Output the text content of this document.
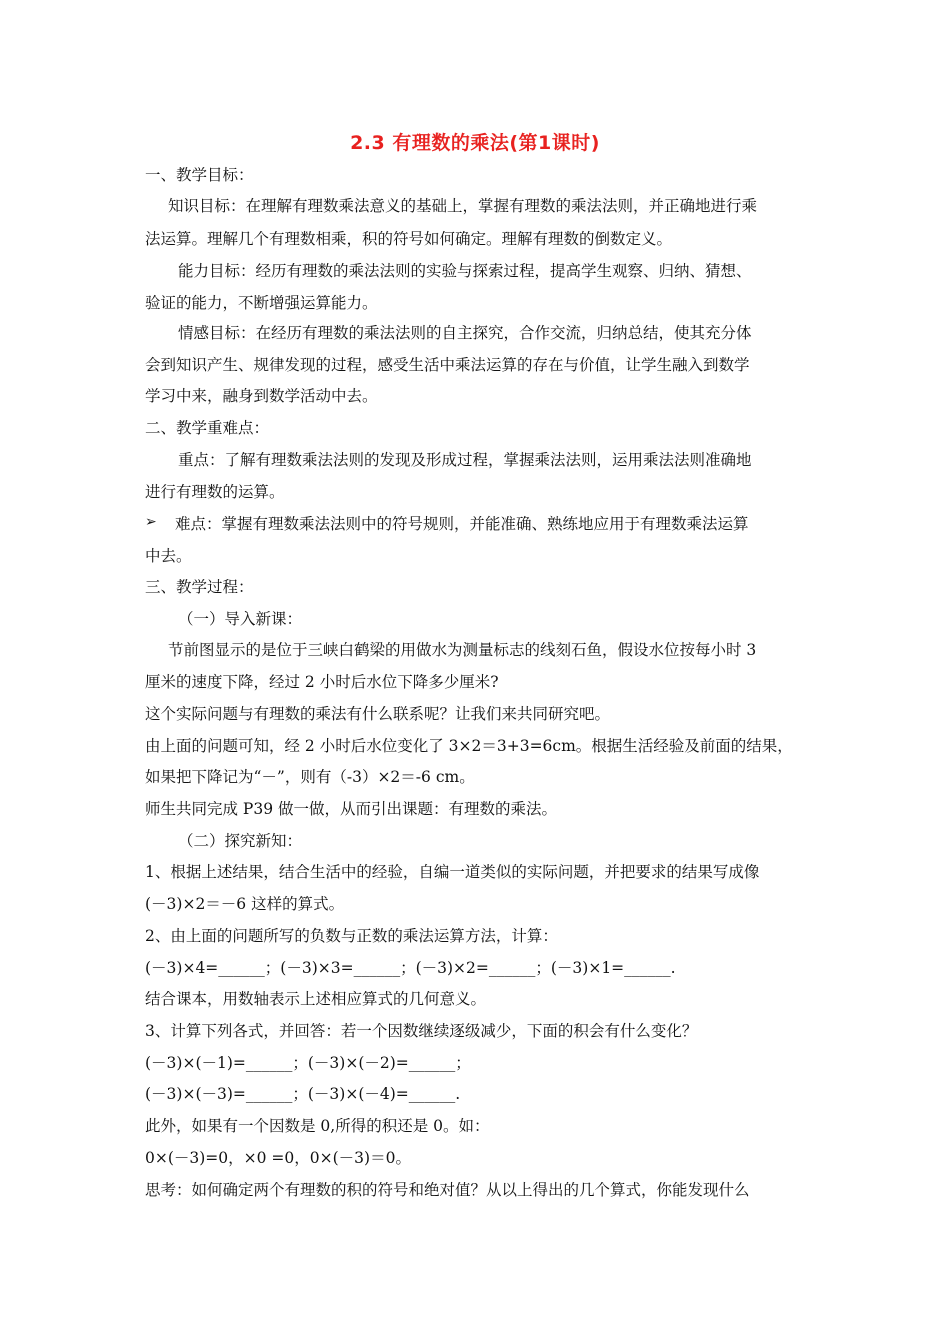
2.3 有理数的乘法(第1课时)
一、教学目标：
知识目标：在理解有理数乘法意义的基础上，掌握有理数的乘法法则，并正确地进行乘
法运算。理解几个有理数相乘，积的符号如何确定。理解有理数的倒数定义。
能力目标：经历有理数的乘法法则的实验与探索过程，提高学生观察、归纳、猜想、
验证的能力，不断增强运算能力。
情感目标：在经历有理数的乘法法则的自主探究，合作交流，归纳总结，使其充分体
会到知识产生、规律发现的过程，感受生活中乘法运算的存在与价值，让学生融入到数学
学习中来，融身到数学活动中去。
二、教学重难点：
重点：了解有理数乘法法则的发现及形成过程，掌握乘法法则，运用乘法法则准确地
进行有理数的运算。
➢ 难点：掌握有理数乘法法则中的符号规则，并能准确、熟练地应用于有理数乘法运算
中去。
三、教学过程：
（一）导入新课：
节前图显示的是位于三峡白鹤梁的用做水为测量标志的线刻石鱼，假设水位按每小时 3
厘米的速度下降，经过 2 小时后水位下降多少厘米?
这个实际问题与有理数的乘法有什么联系呢？让我们来共同研究吧。
由上面的问题可知，经 2 小时后水位变化了 3×2＝3+3=6cm。根据生活经验及前面的结果，
如果把下降记为“－”，则有（-3）×2＝-6 cm。
师生共同完成 P39 做一做，从而引出课题：有理数的乘法。
（二）探究新知：
1、根据上述结果，结合生活中的经验，自编一道类似的实际问题，并把要求的结果写成像
(－3)×2＝－6 这样的算式。
2、由上面的问题所写的负数与正数的乘法运算方法，计算：
(－3)×4=______；(－3)×3=______；(－3)×2=______；(－3)×1=______.
结合课本，用数轴表示上述相应算式的几何意义。
3、计算下列各式，并回答：若一个因数继续逐级减少，下面的积会有什么变化？
(－3)×(－1)=______；(－3)×(－2)=______；
(－3)×(－3)=______；(－3)×(－4)=______.
此外，如果有一个因数是 0,所得的积还是 0。如：
0×(－3)=0，×0 =0，0×(－3)＝0。
思考：如何确定两个有理数的积的符号和绝对值？从以上得出的几个算式，你能发现什么
